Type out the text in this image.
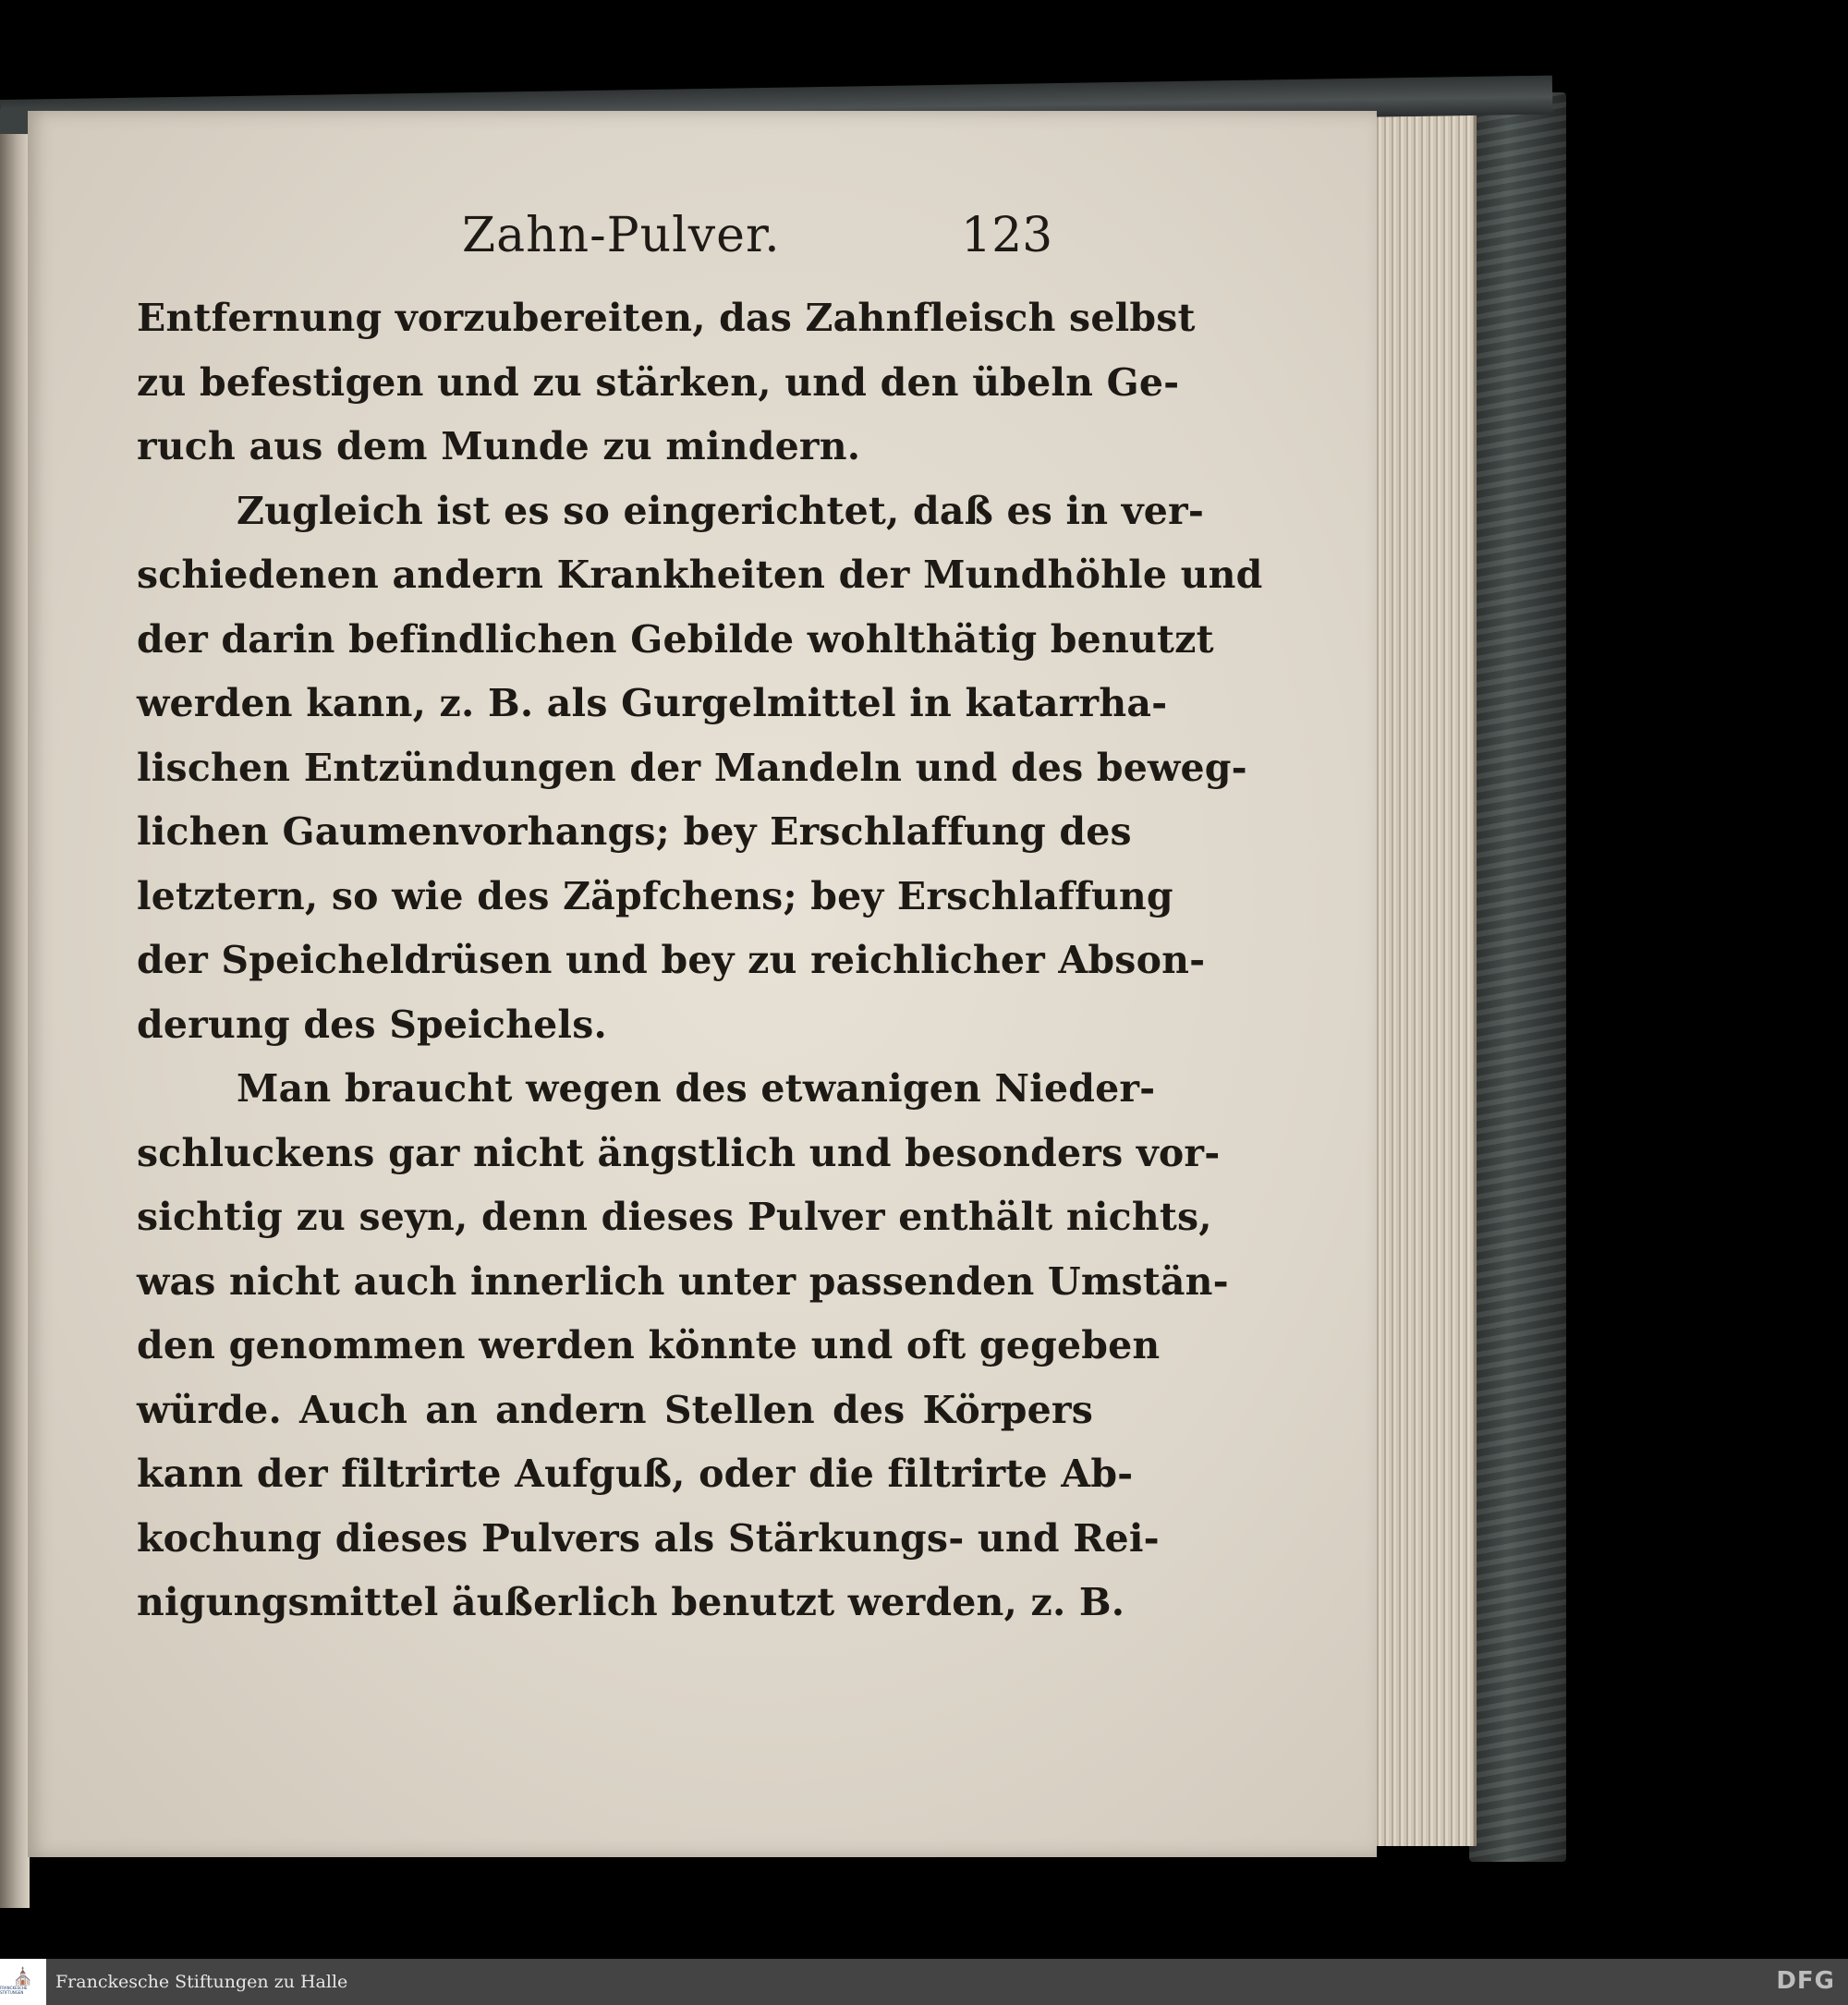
Zahn-Pulver.	123
Entfernung vorzubereiten, das Zahnfleisch selbst
zu befestigen und zu stärken, und den übeln Ge-
ruch aus dem Munde zu mindern.
Zugleich ist es so eingerichtet, daß es in ver-
schiedenen andern Krankheiten der Mundhöhle und
der darin befindlichen Gebilde wohlthätig benutzt
werden kann, z. B. als Gurgelmittel in katarrha-
lischen Entzündungen der Mandeln und des beweg-
lichen Gaumenvorhangs; bey Erschlaffung des
letztern, so wie des Zäpfchens; bey Erschlaffung
der Speicheldrüsen und bey zu reichlicher Abson-
derung des Speichels.
Man braucht wegen des etwanigen Nieder-
schluckens gar nicht ängstlich und besonders vor-
sichtig zu seyn, denn dieses Pulver enthält nichts,
was nicht auch innerlich unter passenden Umstän-
den genommen werden könnte und oft gegeben
würde. Auch an andern Stellen des Körpers
kann der filtrirte Aufguß, oder die filtrirte Ab-
kochung dieses Pulvers als Stärkungs- und Rei-
nigungsmittel äußerlich benutzt werden, z. B.
⛪
FRANCKESCHE STIFTUNGEN
Franckesche Stiftungen zu Halle	DFG
